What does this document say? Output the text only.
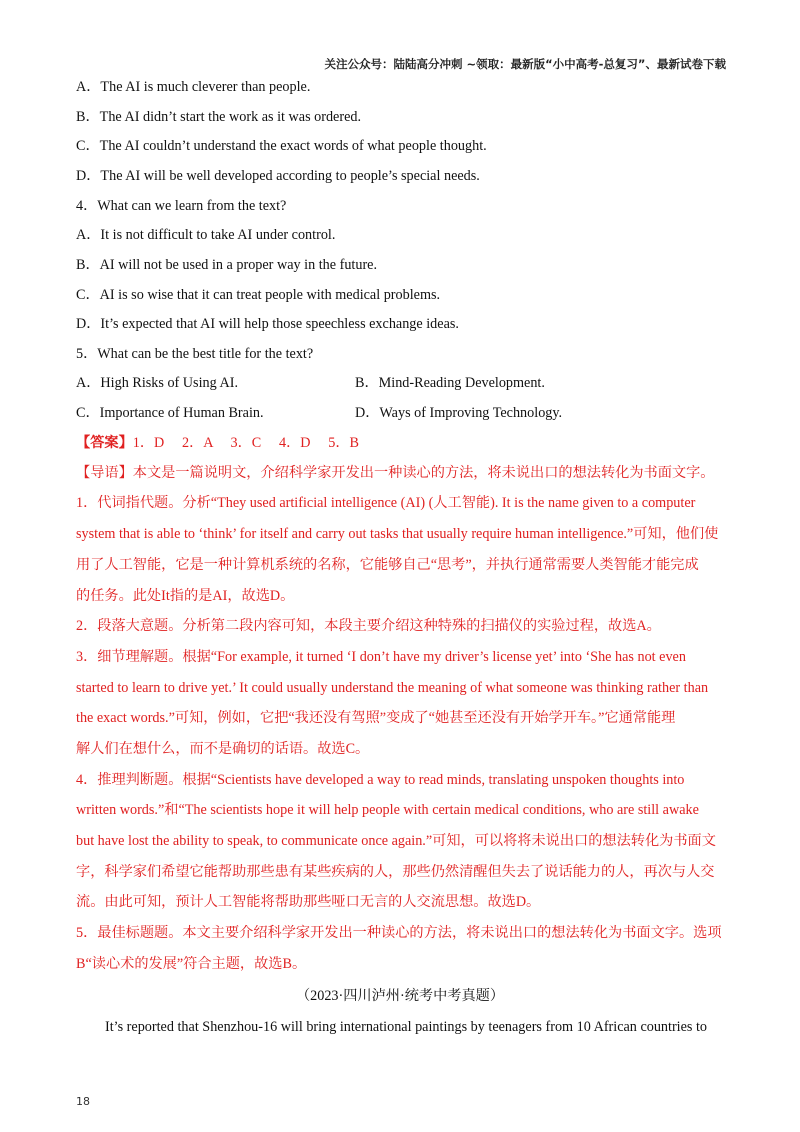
关注公众号：陆陆高分冲刺 ~领取：最新版“小中高考-总复习”、最新试卷下载
A．The AI is much cleverer than people.
B．The AI didn’t start the work as it was ordered.
C．The AI couldn’t understand the exact words of what people thought.
D．The AI will be well developed according to people’s special needs.
4．What can we learn from the text?
A．It is not difficult to take AI under control.
B．AI will not be used in a proper way in the future.
C．AI is so wise that it can treat people with medical problems.
D．It’s expected that AI will help those speechless exchange ideas.
5．What can be the best title for the text?
A．High Risks of Using AI.	B．Mind-Reading Development.
C．Importance of Human Brain.	D．Ways of Improving Technology.
【答案】1．D　 2．A　 3．C　 4．D　 5．B
【导语】本文是一篇说明文，介绍科学家开发出一种读心的方法，将未说出口的想法转化为书面文字。
1．代词指代题。分析“They used artificial intelligence (AI) (人工智能). It is the name given to a computer
system that is able to ‘think’ for itself and carry out tasks that usually require human intelligence.”可知，他们使
用了人工智能，它是一种计算机系统的名称，它能够自己“思考”，并执行通常需要人类智能才能完成
的任务。此处It指的是AI，故选D。
2．段落大意题。分析第二段内容可知，本段主要介绍这种特殊的扫描仪的实验过程，故选A。
3．细节理解题。根据“For example, it turned ‘I don’t have my driver’s license yet’ into ‘She has not even
started to learn to drive yet.’ It could usually understand the meaning of what someone was thinking rather than
the exact words.”可知，例如，它把“我还没有驾照”变成了“她甚至还没有开始学开车。”它通常能理
解人们在想什么，而不是确切的话语。故选C。
4．推理判断题。根据“Scientists have developed a way to read minds, translating unspoken thoughts into
written words.”和“The scientists hope it will help people with certain medical conditions, who are still awake
but have lost the ability to speak, to communicate once again.”可知，可以将将未说出口的想法转化为书面文
字，科学家们希望它能帮助那些患有某些疾病的人，那些仍然清醒但失去了说话能力的人，再次与人交
流。由此可知，预计人工智能将帮助那些哑口无言的人交流思想。故选D。
5．最佳标题题。本文主要介绍科学家开发出一种读心的方法，将未说出口的想法转化为书面文字。选项
B“读心术的发展”符合主题，故选B。
（2023·四川泸州·统考中考真题）
It’s reported that Shenzhou-16 will bring international paintings by teenagers from 10 African countries to
18
